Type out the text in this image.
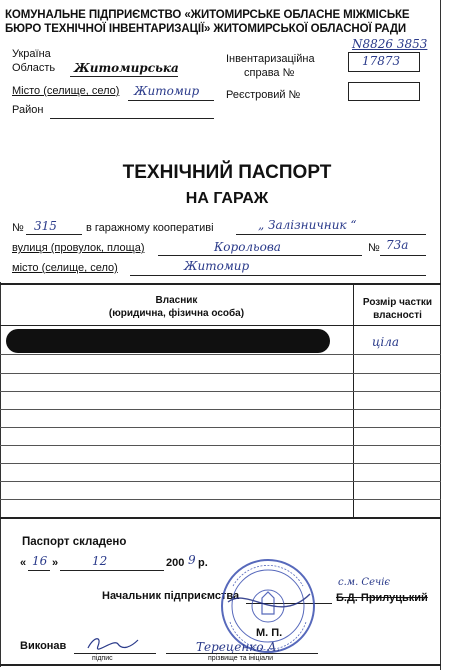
КОМУНАЛЬНЕ ПІДПРИЄМСТВО «ЖИТОМИРСЬКЕ ОБЛАСНЕ МІЖМІСЬКЕ
БЮРО ТЕХНІЧНОЇ ІНВЕНТАРИЗАЦІЇ» ЖИТОМИРСЬКОЇ ОБЛАСНОЇ РАДИ
N8826 3853
Україна
Область Житомирська
Місто (селище, село) Житомир
Район
Інвентаризаційна
справа №
17873
Реєстровий №
ТЕХНІЧНИЙ ПАСПОРТ
НА ГАРАЖ
№ 315	в гаражному кооперативі	„ Залізничник “
вулиця (провулок, площа)	Корольова	№ 73а
місто (селище, село)	Житомир
Власник
(юридична, фізична особа)
Розмір частки
власності
ціла
Паспорт складено
« 16 »	12	200 9 р.
Начальник підприємства
с.м. Сечіє
Б.Д. Прилуцький
М. П.
Виконав	Тереценко А.
підпис	прізвище та ініціали
